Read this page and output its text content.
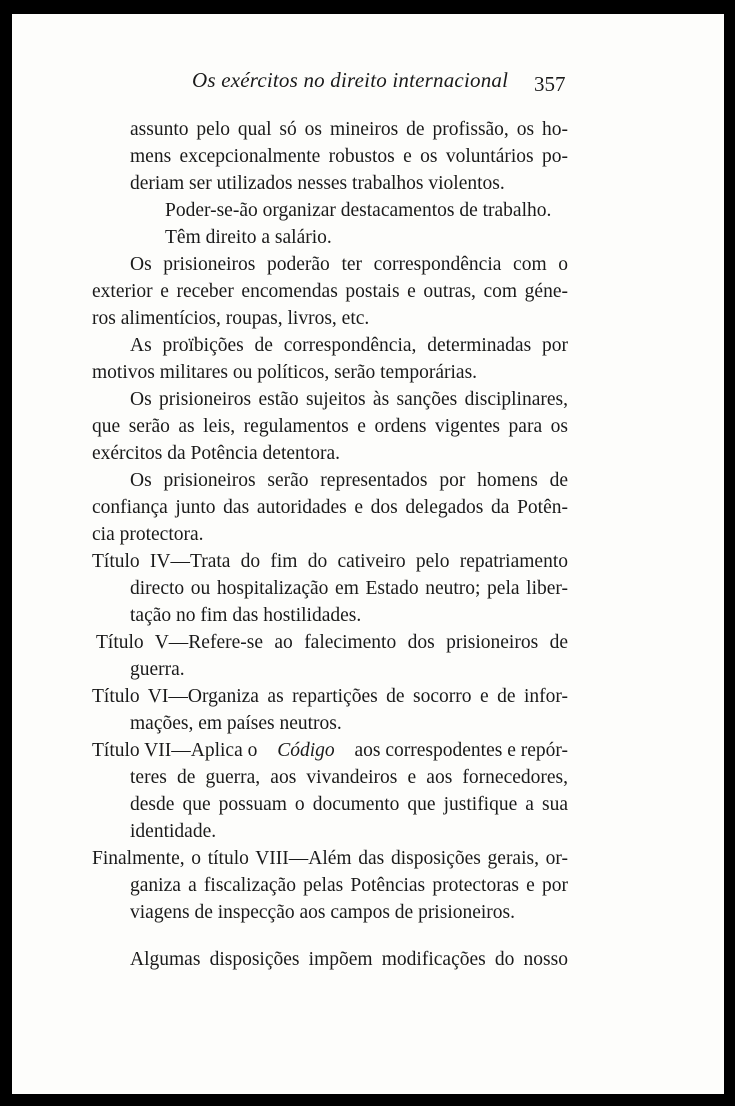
Os exércitos no direito internacional 357
assunto pelo qual só os mineiros de profissão, os ho-
mens excepcionalmente robustos e os voluntários po-
deriam ser utilizados nesses trabalhos violentos.
Poder-se-ão organizar destacamentos de trabalho.
Têm direito a salário.
Os prisioneiros poderão ter correspondência com o
exterior e receber encomendas postais e outras, com géne-
ros alimentícios, roupas, livros, etc.
As proïbições de correspondência, determinadas por
motivos militares ou políticos, serão temporárias.
Os prisioneiros estão sujeitos às sanções disciplinares,
que serão as leis, regulamentos e ordens vigentes para os
exércitos da Potência detentora.
Os prisioneiros serão representados por homens de
confiança junto das autoridades e dos delegados da Potên-
cia protectora.
Título IV—Trata do fim do cativeiro pelo repatriamento
directo ou hospitalização em Estado neutro; pela liber-
tação no fim das hostilidades.
Título V—Refere-se ao falecimento dos prisioneiros de
guerra.
Título VI—Organiza as repartições de socorro e de infor-
mações, em países neutros.
Título VII—Aplica o Código aos correspodentes e repór-
teres de guerra, aos vivandeiros e aos fornecedores,
desde que possuam o documento que justifique a sua
identidade.
Finalmente, o título VIII—Além das disposições gerais, or-
ganiza a fiscalização pelas Potências protectoras e por
viagens de inspecção aos campos de prisioneiros.
Algumas disposições impõem modificações do nosso
